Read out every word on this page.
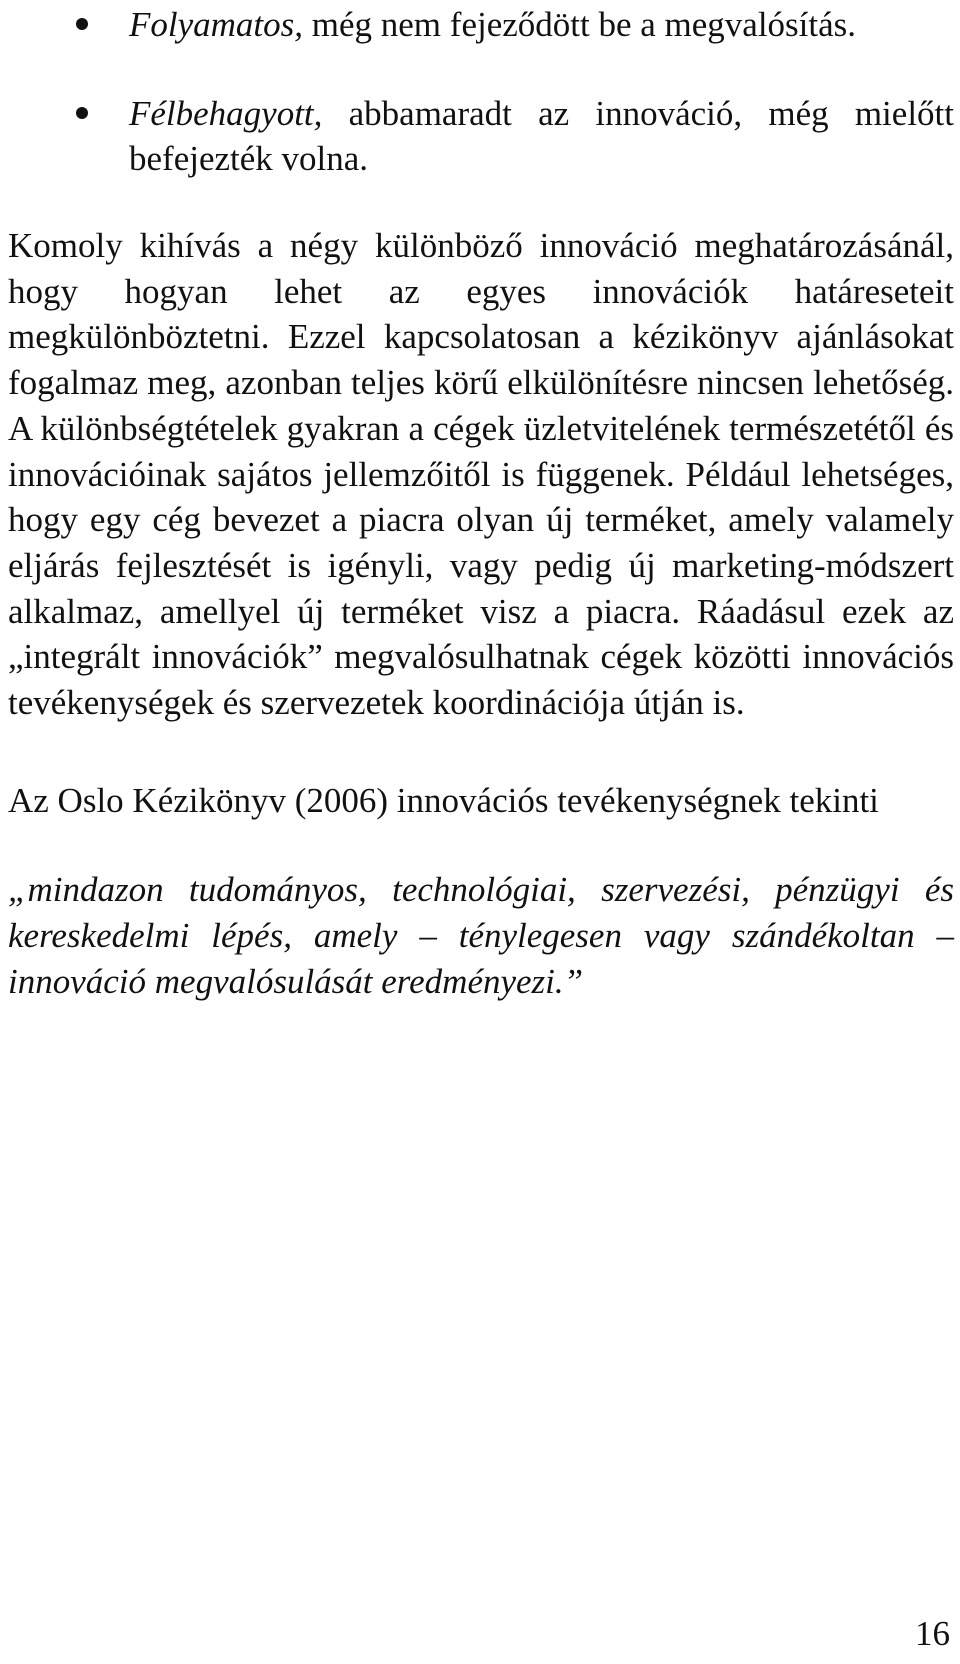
Folyamatos, még nem fejeződött be a megvalósítás.
Félbehagyott, abbamaradt az innováció, még mielőtt befejezték volna.

Komoly kihívás a négy különböző innováció meghatározásánál, hogy hogyan lehet az egyes innovációk határeseteit megkülönböztetni. Ezzel kapcsolatosan a kézikönyv ajánlásokat fogalmaz meg, azonban teljes körű elkülönítésre nincsen lehetőség. A különbségtételek gyakran a cégek üzletvitelének természetétől és innovációinak sajátos jellemzőitől is függenek. Például lehetséges, hogy egy cég bevezet a piacra olyan új terméket, amely valamely eljárás fejlesztését is igényli, vagy pedig új marketing-módszert alkalmaz, amellyel új terméket visz a piacra. Ráadásul ezek az „integrált innovációk” megvalósulhatnak cégek közötti innovációs tevékenységek és szervezetek koordinációja útján is.

Az Oslo Kézikönyv (2006) innovációs tevékenységnek tekinti

„mindazon tudományos, technológiai, szervezési, pénzügyi és kereskedelmi lépés, amely – ténylegesen vagy szándékoltan – innováció megvalósulását eredményezi.”

16
